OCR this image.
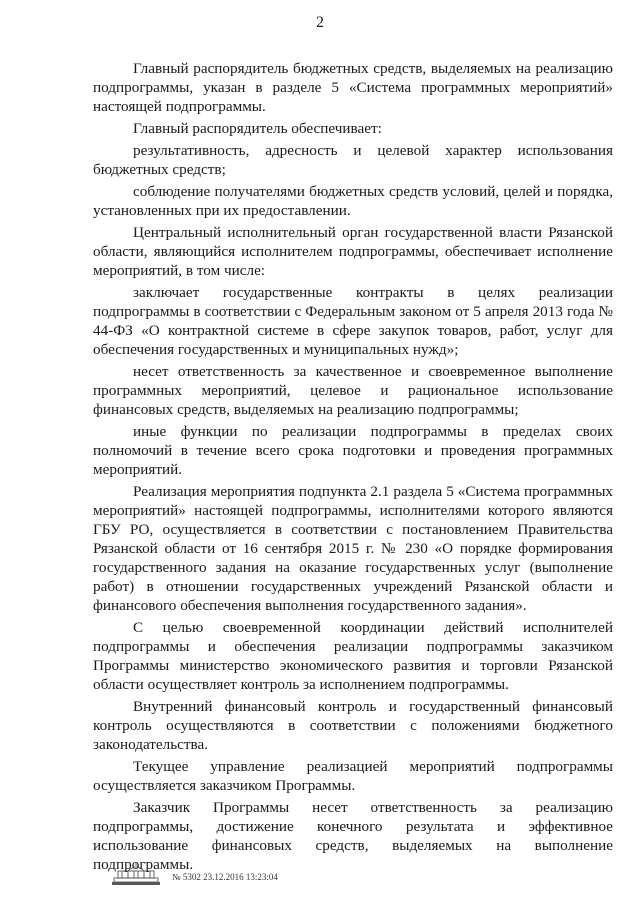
2

Главный распорядитель бюджетных средств, выделяемых на реализацию подпрограммы, указан в разделе 5 «Система программных мероприятий» настоящей подпрограммы.

Главный распорядитель обеспечивает:

результативность, адресность и целевой характер использования бюджетных средств;

соблюдение получателями бюджетных средств условий, целей и порядка, установленных при их предоставлении.

Центральный исполнительный орган государственной власти Рязанской области, являющийся исполнителем подпрограммы, обеспечивает исполнение мероприятий, в том числе:

заключает государственные контракты в целях реализации подпрограммы в соответствии с Федеральным законом от 5 апреля 2013 года № 44-ФЗ «О контрактной системе в сфере закупок товаров, работ, услуг для обеспечения государственных и муниципальных нужд»;

несет ответственность за качественное и своевременное выполнение программных мероприятий, целевое и рациональное использование финансовых средств, выделяемых на реализацию подпрограммы;

иные функции по реализации подпрограммы в пределах своих полномочий в течение всего срока подготовки и проведения программных мероприятий.

Реализация мероприятия подпункта 2.1 раздела 5 «Система программных мероприятий» настоящей подпрограммы, исполнителями которого являются ГБУ РО, осуществляется в соответствии с постановлением Правительства Рязанской области от 16 сентября 2015 г. № 230 «О порядке формирования государственного задания на оказание государственных услуг (выполнение работ) в отношении государственных учреждений Рязанской области и финансового обеспечения выполнения государственного задания».

С целью своевременной координации действий исполнителей подпрограммы и обеспечения реализации подпрограммы заказчиком Программы министерство экономического развития и торговли Рязанской области осуществляет контроль за исполнением подпрограммы.

Внутренний финансовый контроль и государственный финансовый контроль осуществляются в соответствии с положениями бюджетного законодательства.

Текущее управление реализацией мероприятий подпрограммы осуществляется заказчиком Программы.

Заказчик Программы несет ответственность за реализацию подпрограммы, достижение конечного результата и эффективное использование финансовых средств, выделяемых на выполнение подпрограммы.

№ 5302 23.12.2016 13:23:04
